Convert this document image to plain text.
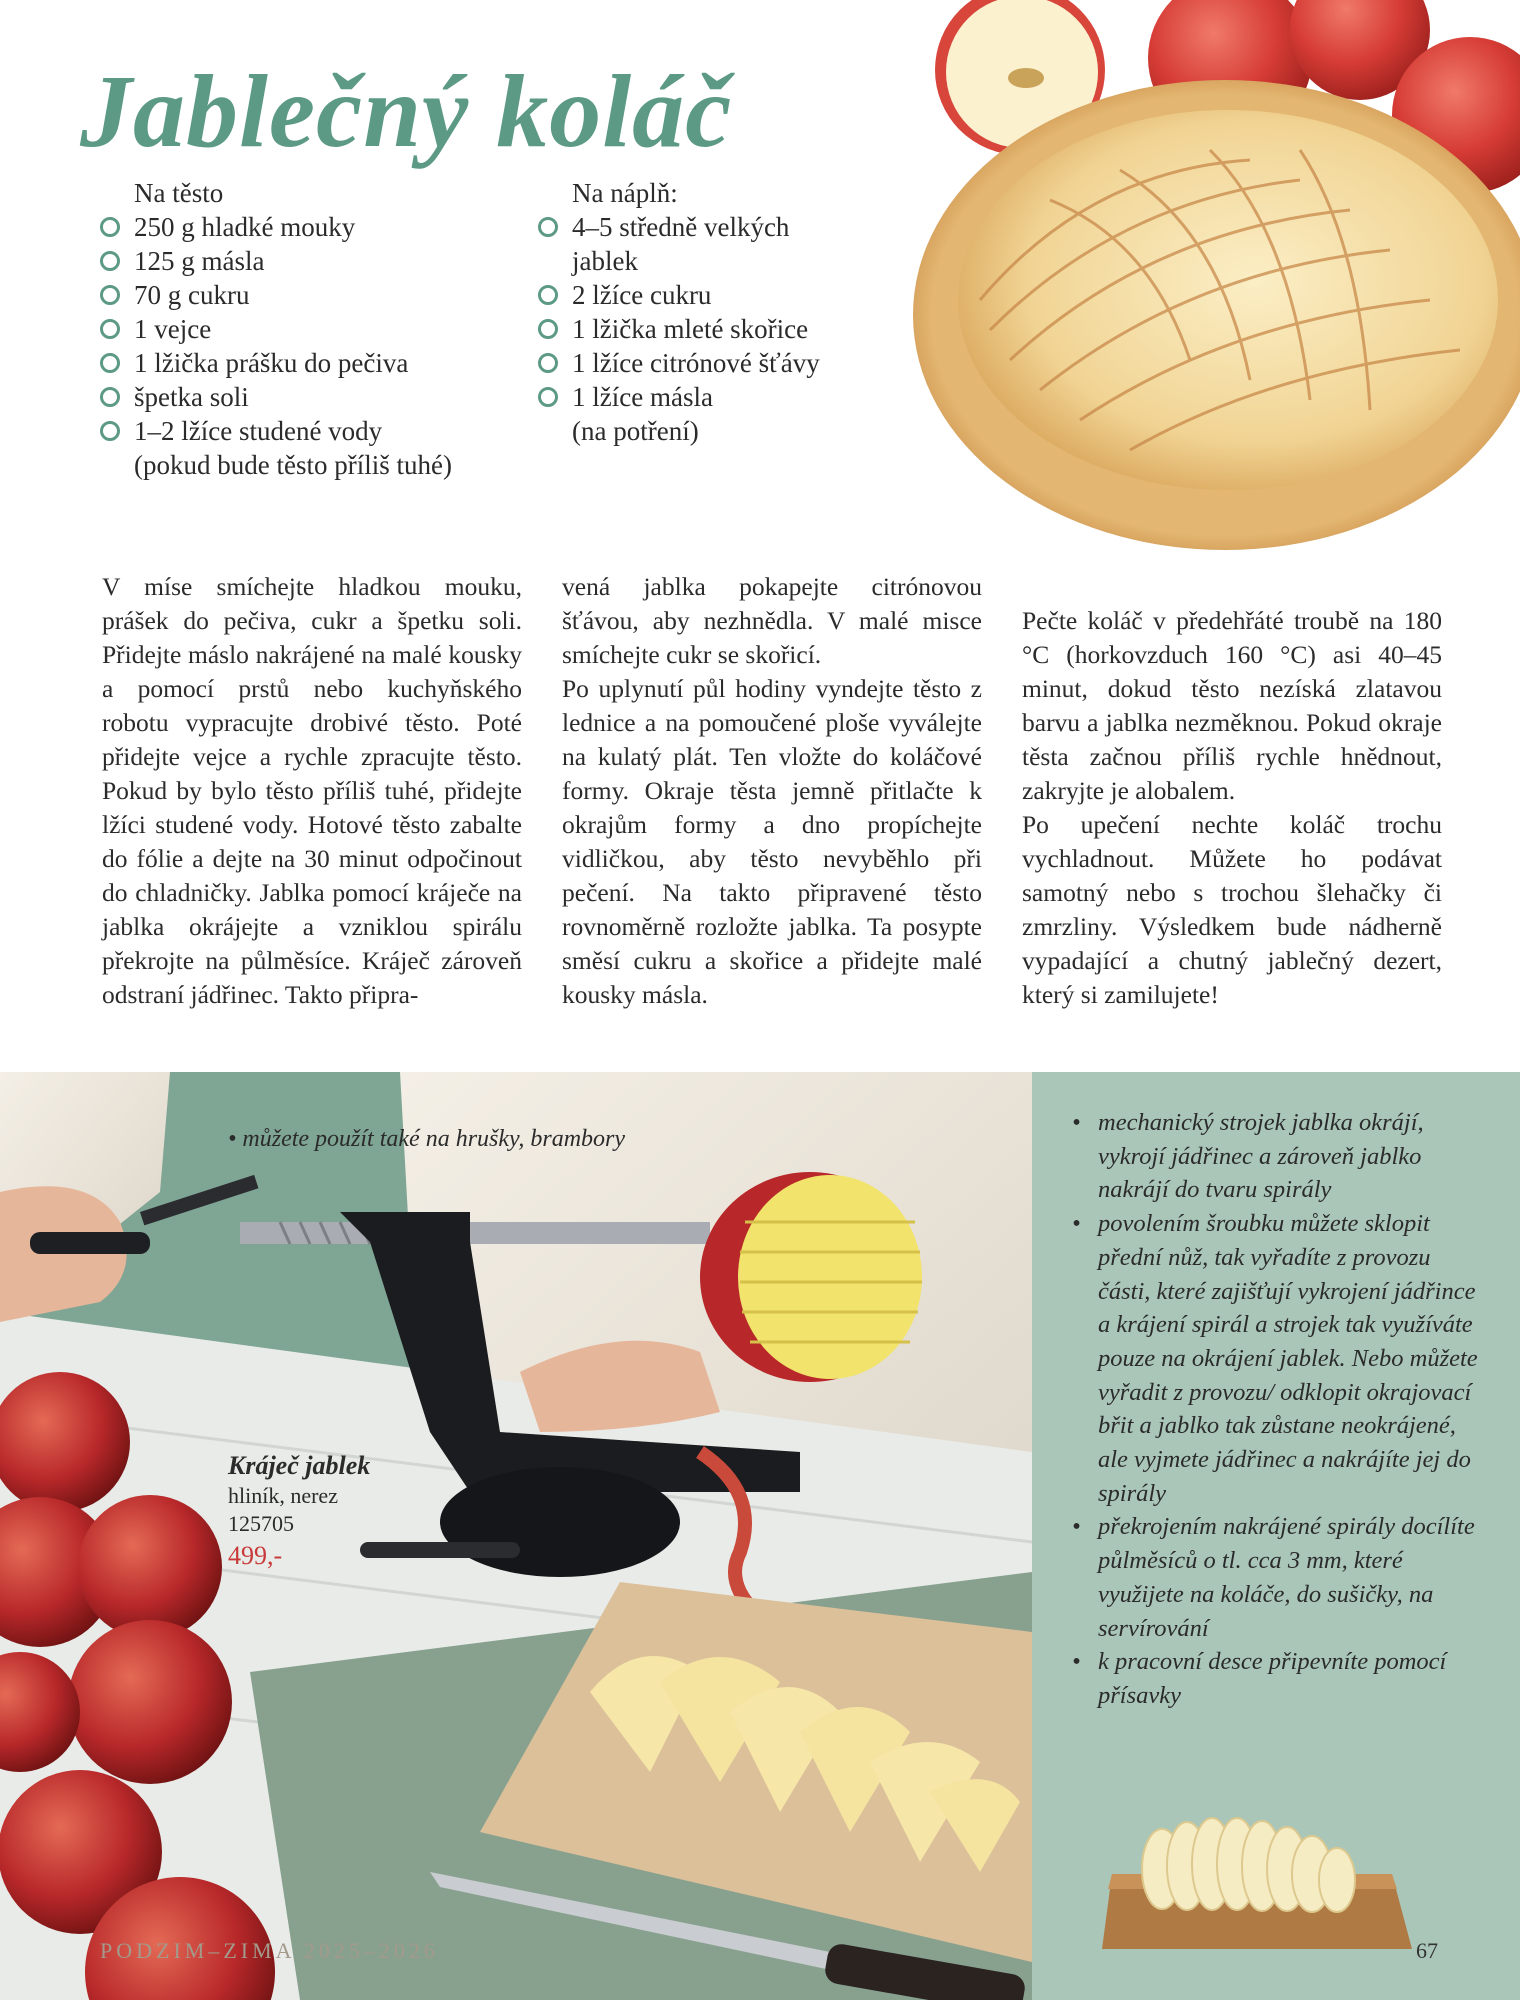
Jablečný koláč
Na těsto
250 g hladké mouky
125 g másla
70 g cukru
1 vejce
1 lžička prášku do pečiva
špetka soli
1–2 lžíce studené vody
(pokud bude těsto příliš tuhé)
Na náplň:
4–5 středně velkých
jablek
2 lžíce cukru
1 lžička mleté skořice
1 lžíce citrónové šťávy
1 lžíce másla
(na potření)

V míse smíchejte hladkou mouku, prášek do pečiva, cukr a špetku soli. Přidejte máslo nakrájené na malé kousky a pomocí prstů nebo kuchyňského robotu vypracujte drobivé těsto. Poté přidejte vejce a rychle zpracujte těsto. Pokud by bylo těsto příliš tuhé, přidejte lžíci studené vody. Hotové těsto zabalte do fólie a dejte na 30 minut odpočinout do chladničky. Jablka pomocí kráječe na jablka okrájejte a vzniklou spirálu překrojte na půlměsíce. Kráječ zároveň odstraní jádřinec. Takto připra-

vená jablka pokapejte citrónovou šťávou, aby nezhnědla. V malé misce smíchejte cukr se skořicí.

Po uplynutí půl hodiny vyndejte těsto z lednice a na pomoučené ploše vyválejte na kulatý plát. Ten vložte do koláčové formy. Okraje těsta jemně přitlačte k okrajům formy a dno propíchejte vidličkou, aby těsto nevyběhlo při pečení. Na takto připravené těsto rovnoměrně rozložte jablka. Ta posypte směsí cukru a skořice a přidejte malé kousky másla.

Pečte koláč v předehřáté troubě na 180 °C (horkovzduch 160 °C) asi 40–45 minut, dokud těsto nezíská zlatavou barvu a jablka nezměknou. Pokud okraje těsta začnou příliš rychle hnědnout, zakryjte je alobalem.

Po upečení nechte koláč trochu vychladnout. Můžete ho podávat samotný nebo s trochou šlehačky či zmrzliny. Výsledkem bude nádherně vypadající a chutný jablečný dezert, který si zamilujete!

• můžete použít také na hrušky, brambory
Kráječ jablek
hliník, nerez
125705
499,-
PODZIM–ZIMA 2025–2026
• mechanický strojek jablka okrájí, vykrojí jádřinec a zároveň jablko nakrájí do tvaru spirály
• povolením šroubku můžete sklopit přední nůž, tak vyřadíte z provozu části, které zajišťují vykrojení jádřince a krájení spirál a strojek tak využíváte pouze na okrájení jablek. Nebo můžete vyřadit z provozu/ odklopit okrajovací břit a jablko tak zůstane neokrájené, ale vyjmete jádřinec a nakrájíte jej do spirály
• překrojením nakrájené spirály docílíte půlměsíců o tl. cca 3 mm, které využijete na koláče, do sušičky, na servírování
• k pracovní desce připevníte pomocí přísavky
67
